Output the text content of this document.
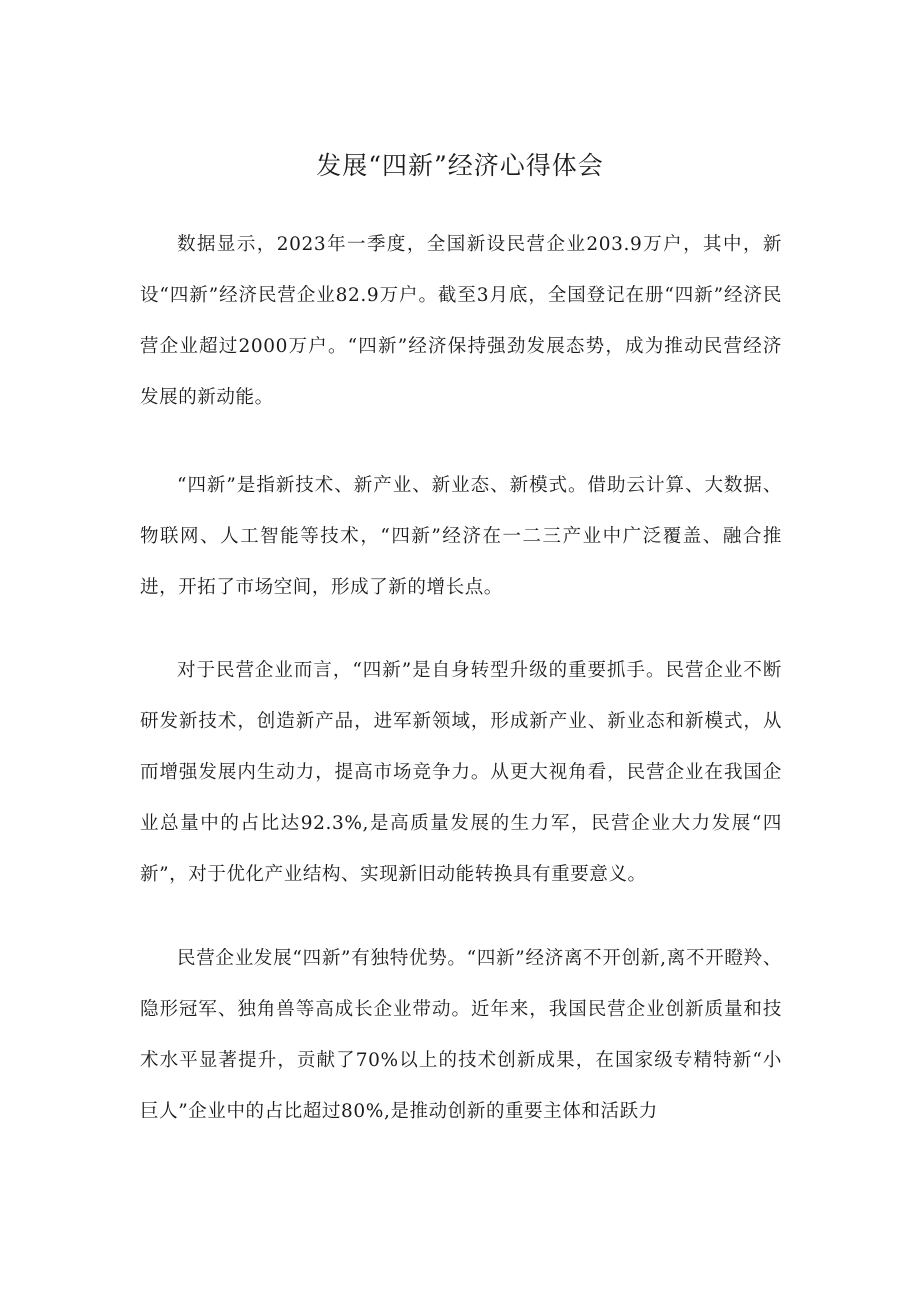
发展“四新”经济心得体会

数据显示，2023年一季度，全国新设民营企业203.9万户，其中，新设“四新”经济民营企业82.9万户。截至3月底，全国登记在册“四新”经济民营企业超过2000万户。“四新”经济保持强劲发展态势，成为推动民营经济发展的新动能。

“四新”是指新技术、新产业、新业态、新模式。借助云计算、大数据、物联网、人工智能等技术，“四新”经济在一二三产业中广泛覆盖、融合推进，开拓了市场空间，形成了新的增长点。

对于民营企业而言，“四新”是自身转型升级的重要抓手。民营企业不断研发新技术，创造新产品，进军新领域，形成新产业、新业态和新模式，从而增强发展内生动力，提高市场竞争力。从更大视角看，民营企业在我国企业总量中的占比达92.3%,是高质量发展的生力军，民营企业大力发展“四新”，对于优化产业结构、实现新旧动能转换具有重要意义。

民营企业发展“四新”有独特优势。“四新”经济离不开创新,离不开瞪羚、隐形冠军、独角兽等高成长企业带动。近年来，我国民营企业创新质量和技术水平显著提升，贡献了70%以上的技术创新成果，在国家级专精特新“小巨人”企业中的占比超过80%,是推动创新的重要主体和活跃力
